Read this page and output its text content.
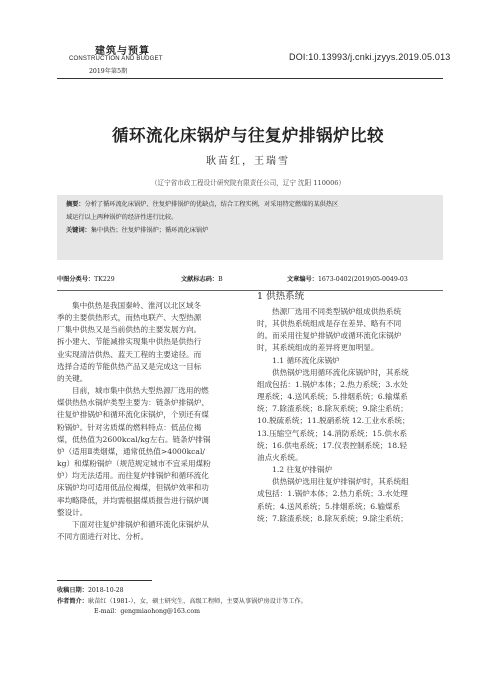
建筑与预算
CONSTRUCTION AND BUDGET
2019年第5期
DOI:10.13993/j.cnki.jzyys.2019.05.013
循环流化床锅炉与往复炉排锅炉比较
耿苗红，王瑞雪
（辽宁省市政工程设计研究院有限责任公司，辽宁 沈阳 110006）
摘要：分析了循环流化床锅炉、往复炉排锅炉的优缺点，结合工程实例，对采用特定燃煤的某供热区
域运行以上两种锅炉的经济性进行比较。
关键词：集中供热；往复炉排锅炉；循环流化床锅炉
中图分类号：TK229	文献标志码：B	文章编号：1673-0402(2019)05-0049-03

集中供热是我国秦岭、淮河以北区域冬

季的主要供热形式，而热电联产、大型热源

厂集中供热又是当前供热的主要发展方向。

拆小建大、节能减排实现集中供热是供热行

业实现清洁供热、蓝天工程的主要途径。而

选择合适的节能供热产品又是完成这一目标

的关键。

目前，城市集中供热大型热源厂选用的燃

煤供热热水锅炉类型主要为：链条炉排锅炉、

往复炉排锅炉和循环流化床锅炉，个别还有煤

粉锅炉。针对劣质煤的燃料特点：低品位褐

煤，低热值为2600kcal/kg左右。链条炉排锅

炉（适用Ⅱ类烟煤，通常低热值>4000kcal/

kg）和煤粉锅炉（规范规定城市不宜采用煤粉

炉）均无法适用。而往复炉排锅炉和循环流化

床锅炉均可适用低品位褐煤，但锅炉效率和功

率均略降低，并均需根据煤质报告进行锅炉调

整设计。

下面对往复炉排锅炉和循环流化床锅炉从

不同方面进行对比、分析。

1 供热系统

热源厂选用不同类型锅炉组成供热系统

时，其供热系统组成是存在差异、略有不同

的。而采用往复炉排锅炉或循环流化床锅炉

时，其系统组成的差异将更加明显。

1.1 循环流化床锅炉

供热锅炉选用循环流化床锅炉时，其系统

组成包括：1.锅炉本体；2.热力系统；3.水处

理系统；4.送风系统；5.排烟系统；6.输煤系

统；7.除渣系统；8.除灰系统；9.除尘系统；

10.脱硫系统；11.脱硝系统 12.工业水系统；

13.压缩空气系统；14.消防系统；15.供水系

统；16.供电系统；17.仪表控制系统；18.轻

油点火系统。

1.2 往复炉排锅炉

供热锅炉选用往复炉排锅炉时，其系统组

成包括：1.锅炉本体；2.热力系统；3.水处理

系统；4.送风系统；5.排烟系统；6.输煤系

统；7.除渣系统；8.除灰系统；9.除尘系统；

收稿日期：2018-10-28
作者简介：耿苗红（1981-），女，硕士研究生，高级工程师，主要从事锅炉房设计等工作。
E-mail：gengmiaohong@163.com
